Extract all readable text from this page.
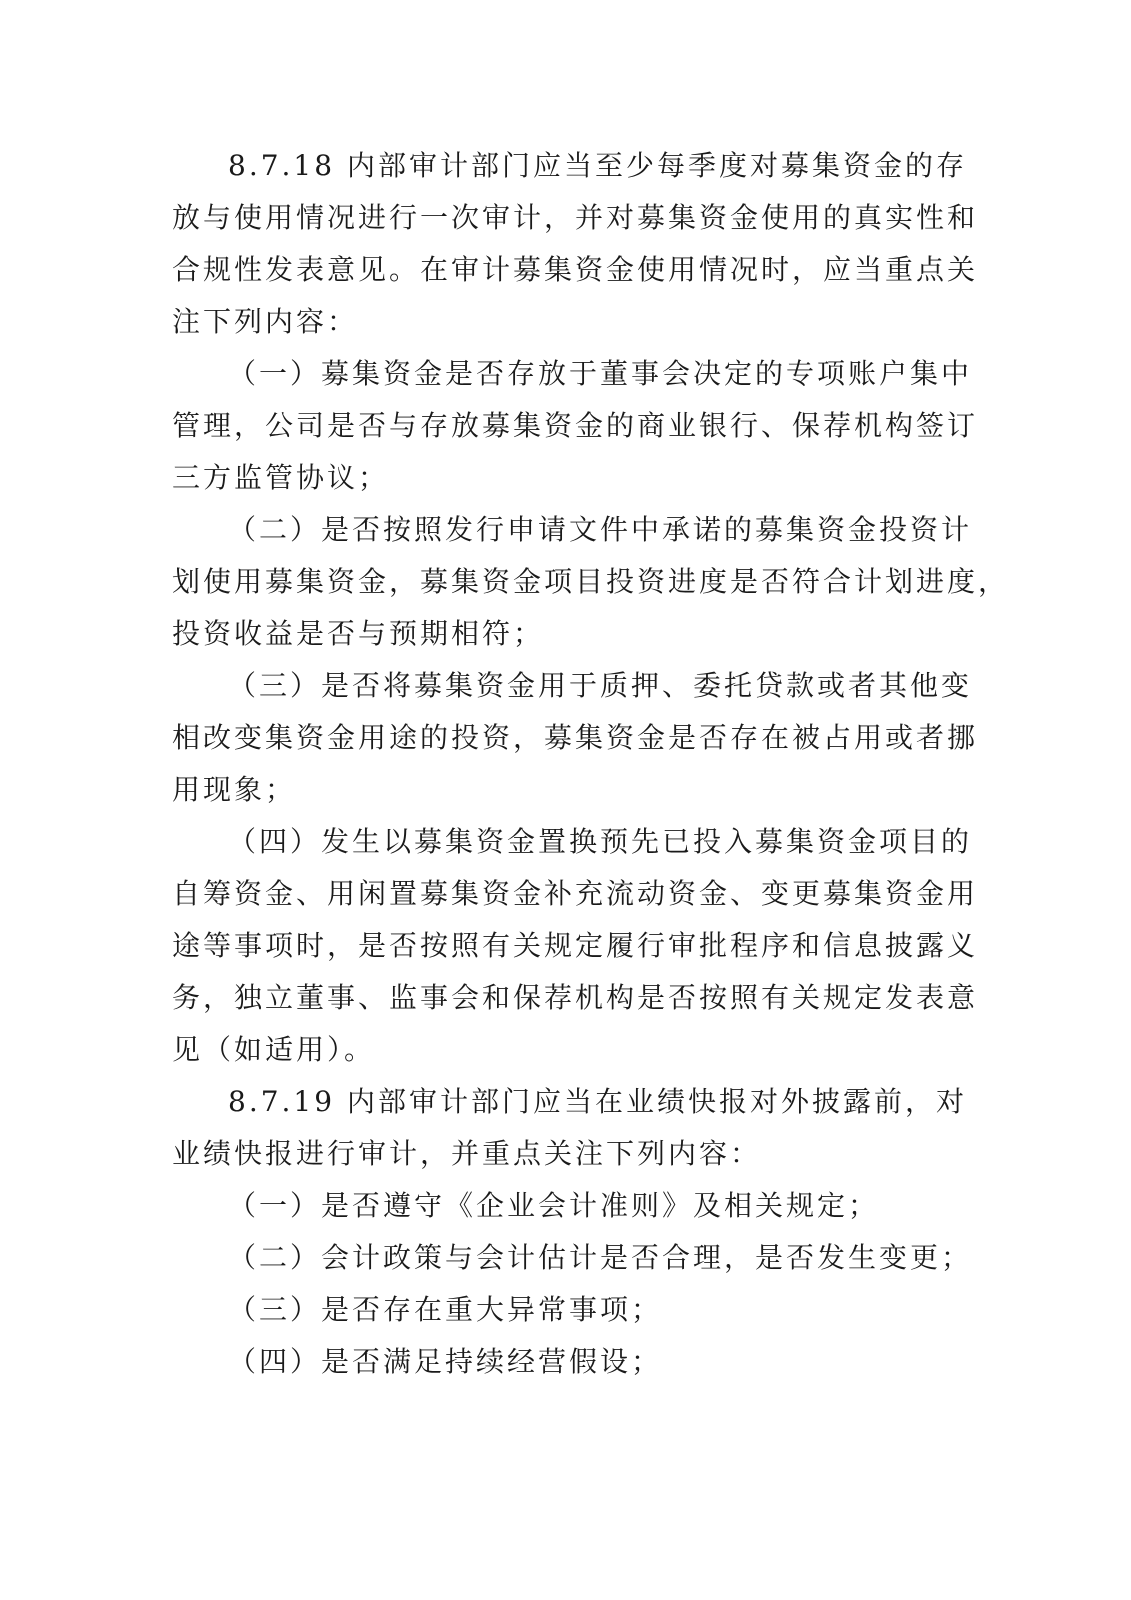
8.7.18 内部审计部门应当至少每季度对募集资金的存
放与使用情况进行一次审计，并对募集资金使用的真实性和
合规性发表意见。在审计募集资金使用情况时，应当重点关
注下列内容：
（一）募集资金是否存放于董事会决定的专项账户集中
管理，公司是否与存放募集资金的商业银行、保荐机构签订
三方监管协议；
（二）是否按照发行申请文件中承诺的募集资金投资计
划使用募集资金，募集资金项目投资进度是否符合计划进度，
投资收益是否与预期相符；
（三）是否将募集资金用于质押、委托贷款或者其他变
相改变集资金用途的投资，募集资金是否存在被占用或者挪
用现象；
（四）发生以募集资金置换预先已投入募集资金项目的
自筹资金、用闲置募集资金补充流动资金、变更募集资金用
途等事项时，是否按照有关规定履行审批程序和信息披露义
务，独立董事、监事会和保荐机构是否按照有关规定发表意
见（如适用）。
8.7.19 内部审计部门应当在业绩快报对外披露前，对
业绩快报进行审计，并重点关注下列内容：
（一）是否遵守《企业会计准则》及相关规定；
（二）会计政策与会计估计是否合理，是否发生变更；
（三）是否存在重大异常事项；
（四）是否满足持续经营假设；
